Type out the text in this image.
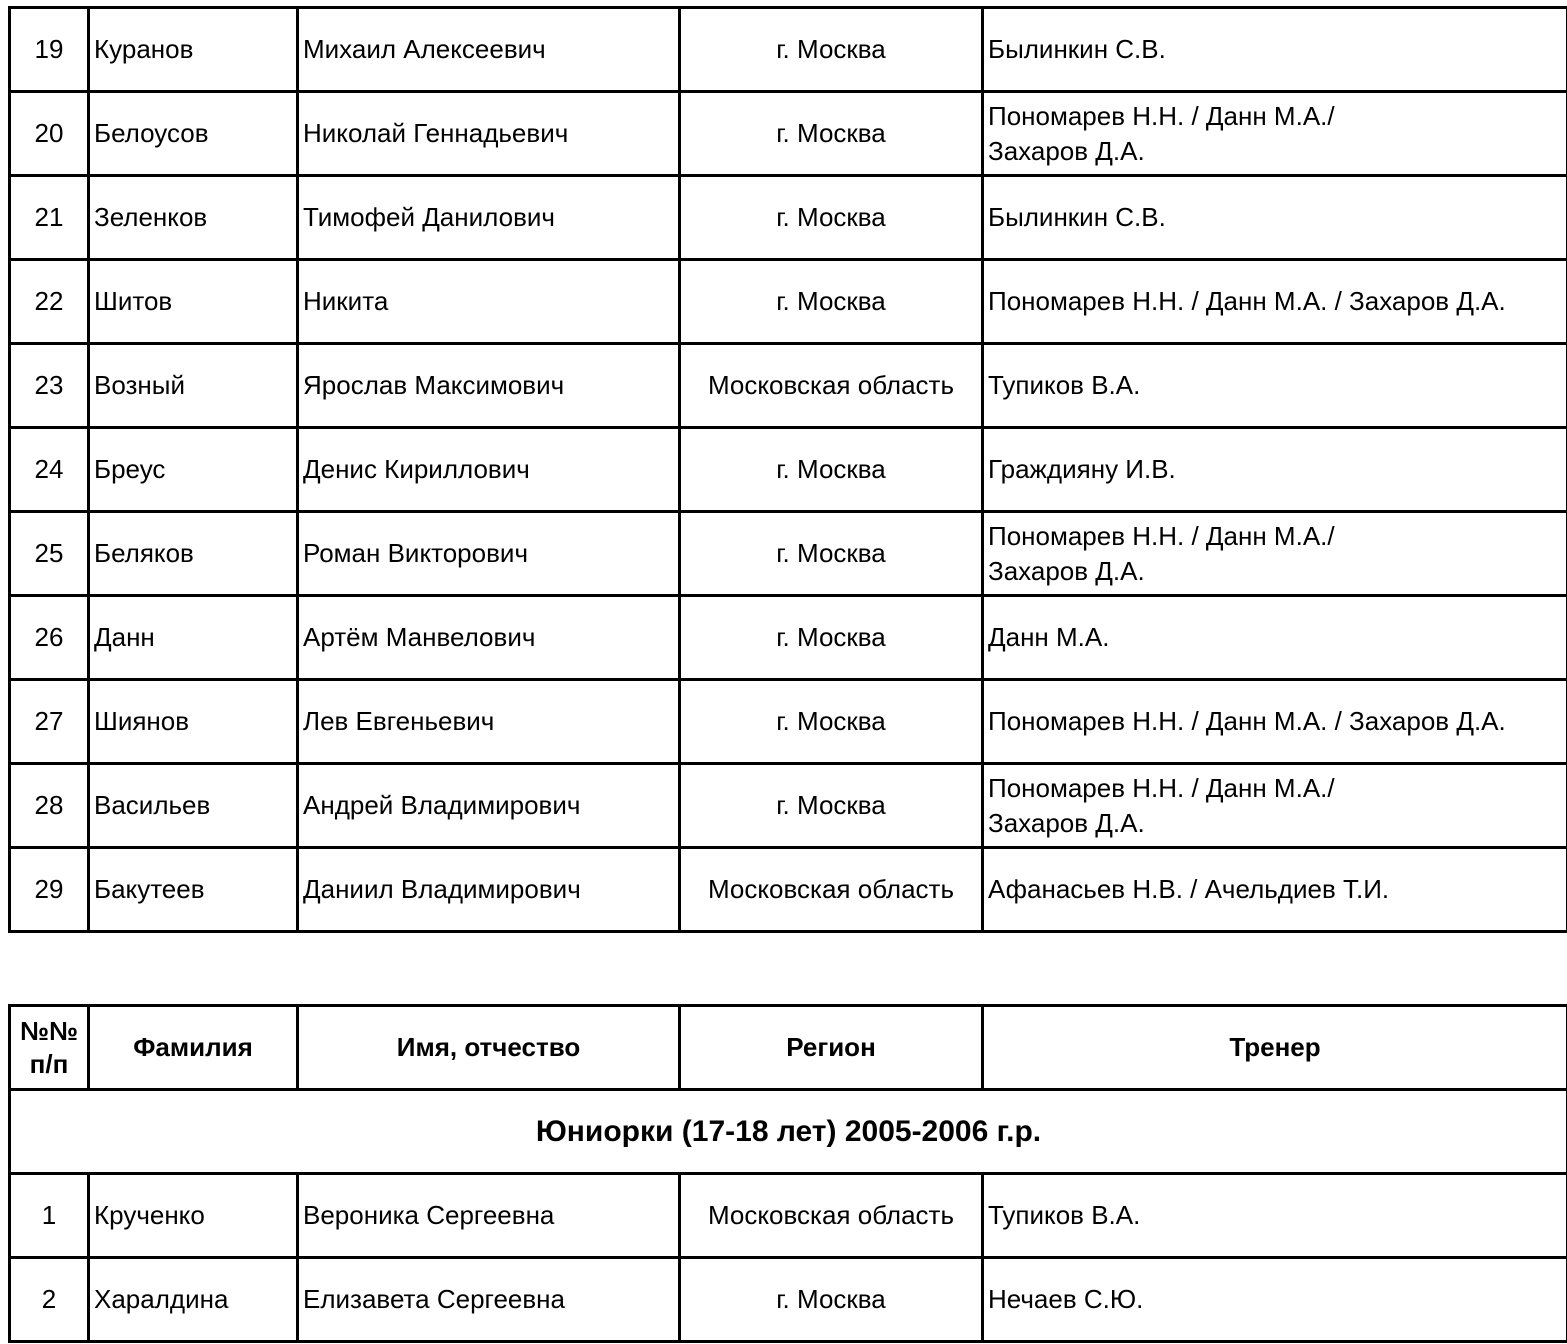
19	Куранов	Михаил Алексеевич	г. Москва	Былинкин С.В.
20	Белоусов	Николай Геннадьевич	г. Москва	Пономарев Н.Н. / Данн М.А./
Захаров Д.А.
21	Зеленков	Тимофей Данилович	г. Москва	Былинкин С.В.
22	Шитов	Никита	г. Москва	Пономарев Н.Н. / Данн М.А. / Захаров Д.А.
23	Возный	Ярослав Максимович	Московская область	Тупиков В.А.
24	Бреус	Денис Кириллович	г. Москва	Граждияну И.В.
25	Беляков	Роман Викторович	г. Москва	Пономарев Н.Н. / Данн М.А./
Захаров Д.А.
26	Данн	Артём Манвелович	г. Москва	Данн М.А.
27	Шиянов	Лев Евгеньевич	г. Москва	Пономарев Н.Н. / Данн М.А. / Захаров Д.А.
28	Васильев	Андрей Владимирович	г. Москва	Пономарев Н.Н. / Данн М.А./
Захаров Д.А.
29	Бакутеев	Даниил Владимирович	Московская область	Афанасьев Н.В. / Ачельдиев Т.И.
№№
п/п	Фамилия	Имя, отчество	Регион	Тренер
Юниорки (17-18 лет) 2005-2006 г.р.				
1	Крученко	Вероника Сергеевна	Московская область	Тупиков В.А.
2	Харалдина	Елизавета Сергеевна	г. Москва	Нечаев С.Ю.
